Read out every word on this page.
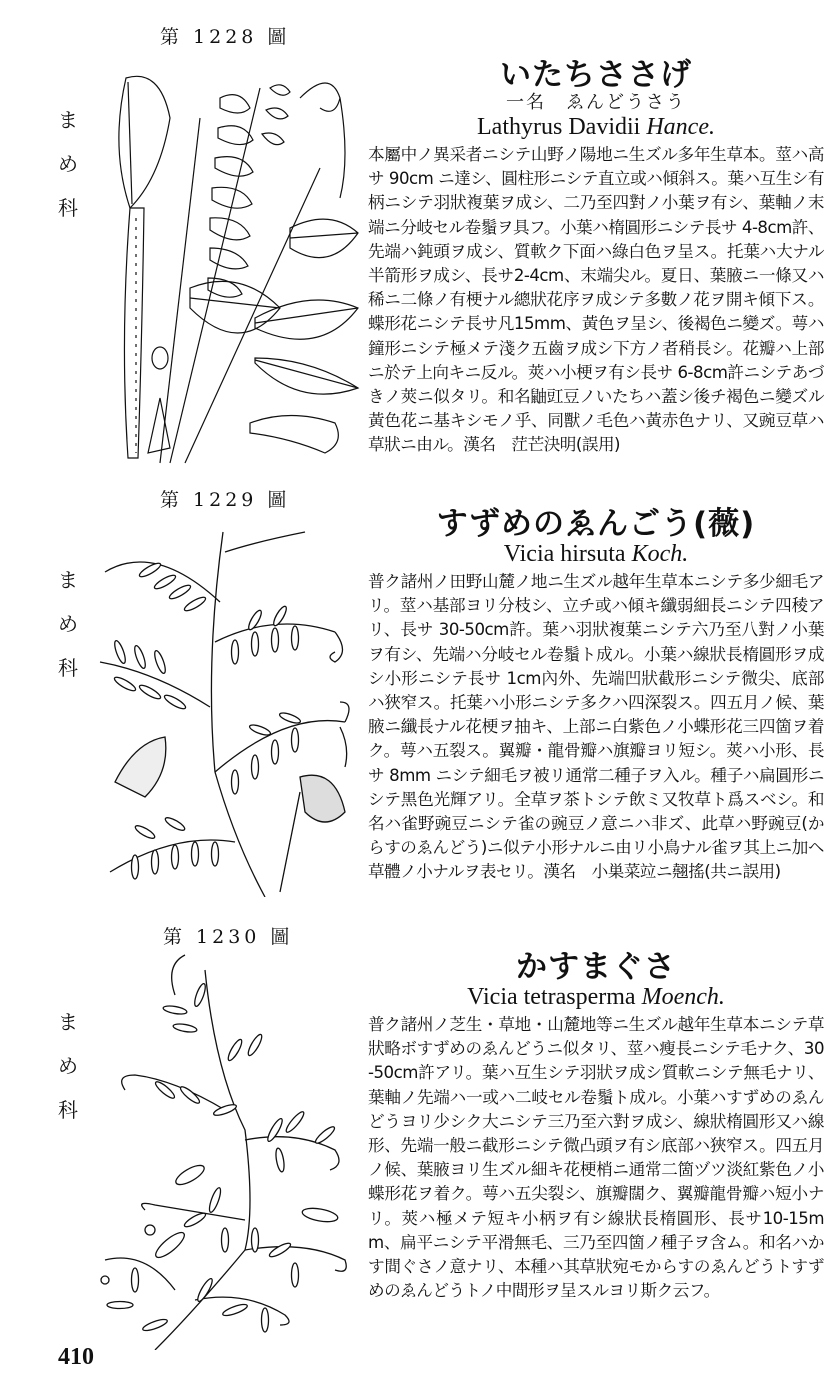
第 1228 圖
ま
め
科
いたちささげ
一名　ゑんどうさう
Lathyrus Davidii Hance.
本屬中ノ異采者ニシテ山野ノ陽地ニ生ズル多年生草本。莖ハ高サ 90cm ニ達シ、圓柱形ニシテ直立或ハ傾斜ス。葉ハ互生シ有柄ニシテ羽狀複葉ヲ成シ、二乃至四對ノ小葉ヲ有シ、葉軸ノ末端ニ分岐セル卷鬚ヲ具フ。小葉ハ楕圓形ニシテ長サ 4-8cm許、先端ハ鈍頭ヲ成シ、質軟ク下面ハ綠白色ヲ呈ス。托葉ハ大ナル半箭形ヲ成シ、長サ2-4cm、末端尖ル。夏日、葉腋ニ一條又ハ稀ニ二條ノ有梗ナル總狀花序ヲ成シテ多數ノ花ヲ開キ傾下ス。蝶形花ニシテ長サ凡15mm、黃色ヲ呈シ、後褐色ニ變ズ。萼ハ鐘形ニシテ極メテ淺ク五齒ヲ成シ下方ノ者稍長シ。花瓣ハ上部ニ於テ上向キニ反ル。莢ハ小梗ヲ有シ長サ 6-8cm許ニシテあづきノ莢ニ似タリ。和名鼬豇豆ノいたちハ蓋シ後チ褐色ニ變ズル黃色花ニ基キシモノ乎、同獸ノ毛色ハ黃赤色ナリ、又豌豆草ハ草狀ニ由ル。漢名　茳芒決明(誤用)
第 1229 圖
ま
め
科
すずめのゑんごう(薇)
Vicia hirsuta Koch.
普ク諸州ノ田野山麓ノ地ニ生ズル越年生草本ニシテ多少細毛アリ。莖ハ基部ヨリ分枝シ、立チ或ハ傾キ纖弱細長ニシテ四稜アリ、長サ 30-50cm許。葉ハ羽狀複葉ニシテ六乃至八對ノ小葉ヲ有シ、先端ハ分岐セル卷鬚ト成ル。小葉ハ線狀長楕圓形ヲ成シ小形ニシテ長サ 1cm內外、先端凹狀截形ニシテ微尖、底部ハ狹窄ス。托葉ハ小形ニシテ多クハ四深裂ス。四五月ノ候、葉腋ニ纖長ナル花梗ヲ抽キ、上部ニ白紫色ノ小蝶形花三四箇ヲ着ク。萼ハ五裂ス。翼瓣・龍骨瓣ハ旗瓣ヨリ短シ。莢ハ小形、長サ 8mm ニシテ細毛ヲ被リ通常二種子ヲ入ル。種子ハ扁圓形ニシテ黑色光輝アリ。全草ヲ茶トシテ飲ミ又牧草ト爲スベシ。和名ハ雀野豌豆ニシテ雀の豌豆ノ意ニハ非ズ、此草ハ野豌豆(からすのゑんどう)ニ似テ小形ナルニ由リ小鳥ナル雀ヲ其上ニ加ヘ草體ノ小ナルヲ表セリ。漢名　小巣菜竝ニ翹搖(共ニ誤用)
第 1230 圖
ま
め
科
かすまぐさ
Vicia tetrasperma Moench.
普ク諸州ノ芝生・草地・山麓地等ニ生ズル越年生草本ニシテ草狀略ボすずめのゑんどうニ似タリ、莖ハ瘦長ニシテ毛ナク、30-50cm許アリ。葉ハ互生シテ羽狀ヲ成シ質軟ニシテ無毛ナリ、葉軸ノ先端ハ一或ハ二岐セル卷鬚ト成ル。小葉ハすずめのゑんどうヨリ少シク大ニシテ三乃至六對ヲ成シ、線狀楕圓形又ハ線形、先端一般ニ截形ニシテ微凸頭ヲ有シ底部ハ狹窄ス。四五月ノ候、葉腋ヨリ生ズル細キ花梗梢ニ通常二箇ヅツ淡紅紫色ノ小蝶形花ヲ着ク。萼ハ五尖裂シ、旗瓣闊ク、翼瓣龍骨瓣ハ短小ナリ。莢ハ極メテ短キ小柄ヲ有シ線狀長楕圓形、長サ10-15mm、扁平ニシテ平滑無毛、三乃至四箇ノ種子ヲ含ム。和名ハかす間ぐさノ意ナリ、本種ハ其草狀宛モからすのゑんどうトすずめのゑんどうトノ中間形ヲ呈スルヨリ斯ク云フ。
410
